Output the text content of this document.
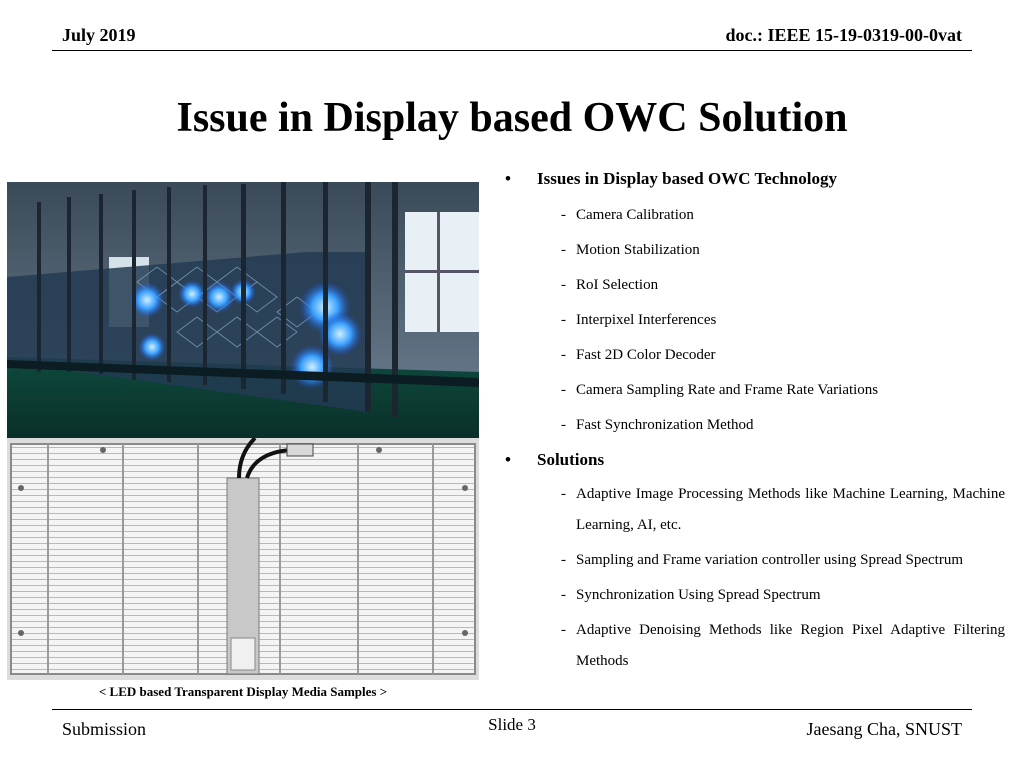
July 2019	doc.: IEEE 15-19-0319-00-0vat
Issue in Display based OWC Solution
< LED based Transparent Display Media Samples >
• Issues in Display based OWC Technology
- Camera Calibration
- Motion Stabilization
- RoI Selection
- Interpixel Interferences
- Fast 2D Color Decoder
- Camera Sampling Rate and Frame Rate Variations
- Fast Synchronization Method
• Solutions
- Adaptive Image Processing Methods like Machine Learning, Machine Learning, AI, etc.
- Sampling and Frame variation controller using Spread Spectrum
- Synchronization Using Spread Spectrum
- Adaptive Denoising Methods like Region Pixel Adaptive Filtering Methods
Submission	Slide 3	Jaesang Cha, SNUST
